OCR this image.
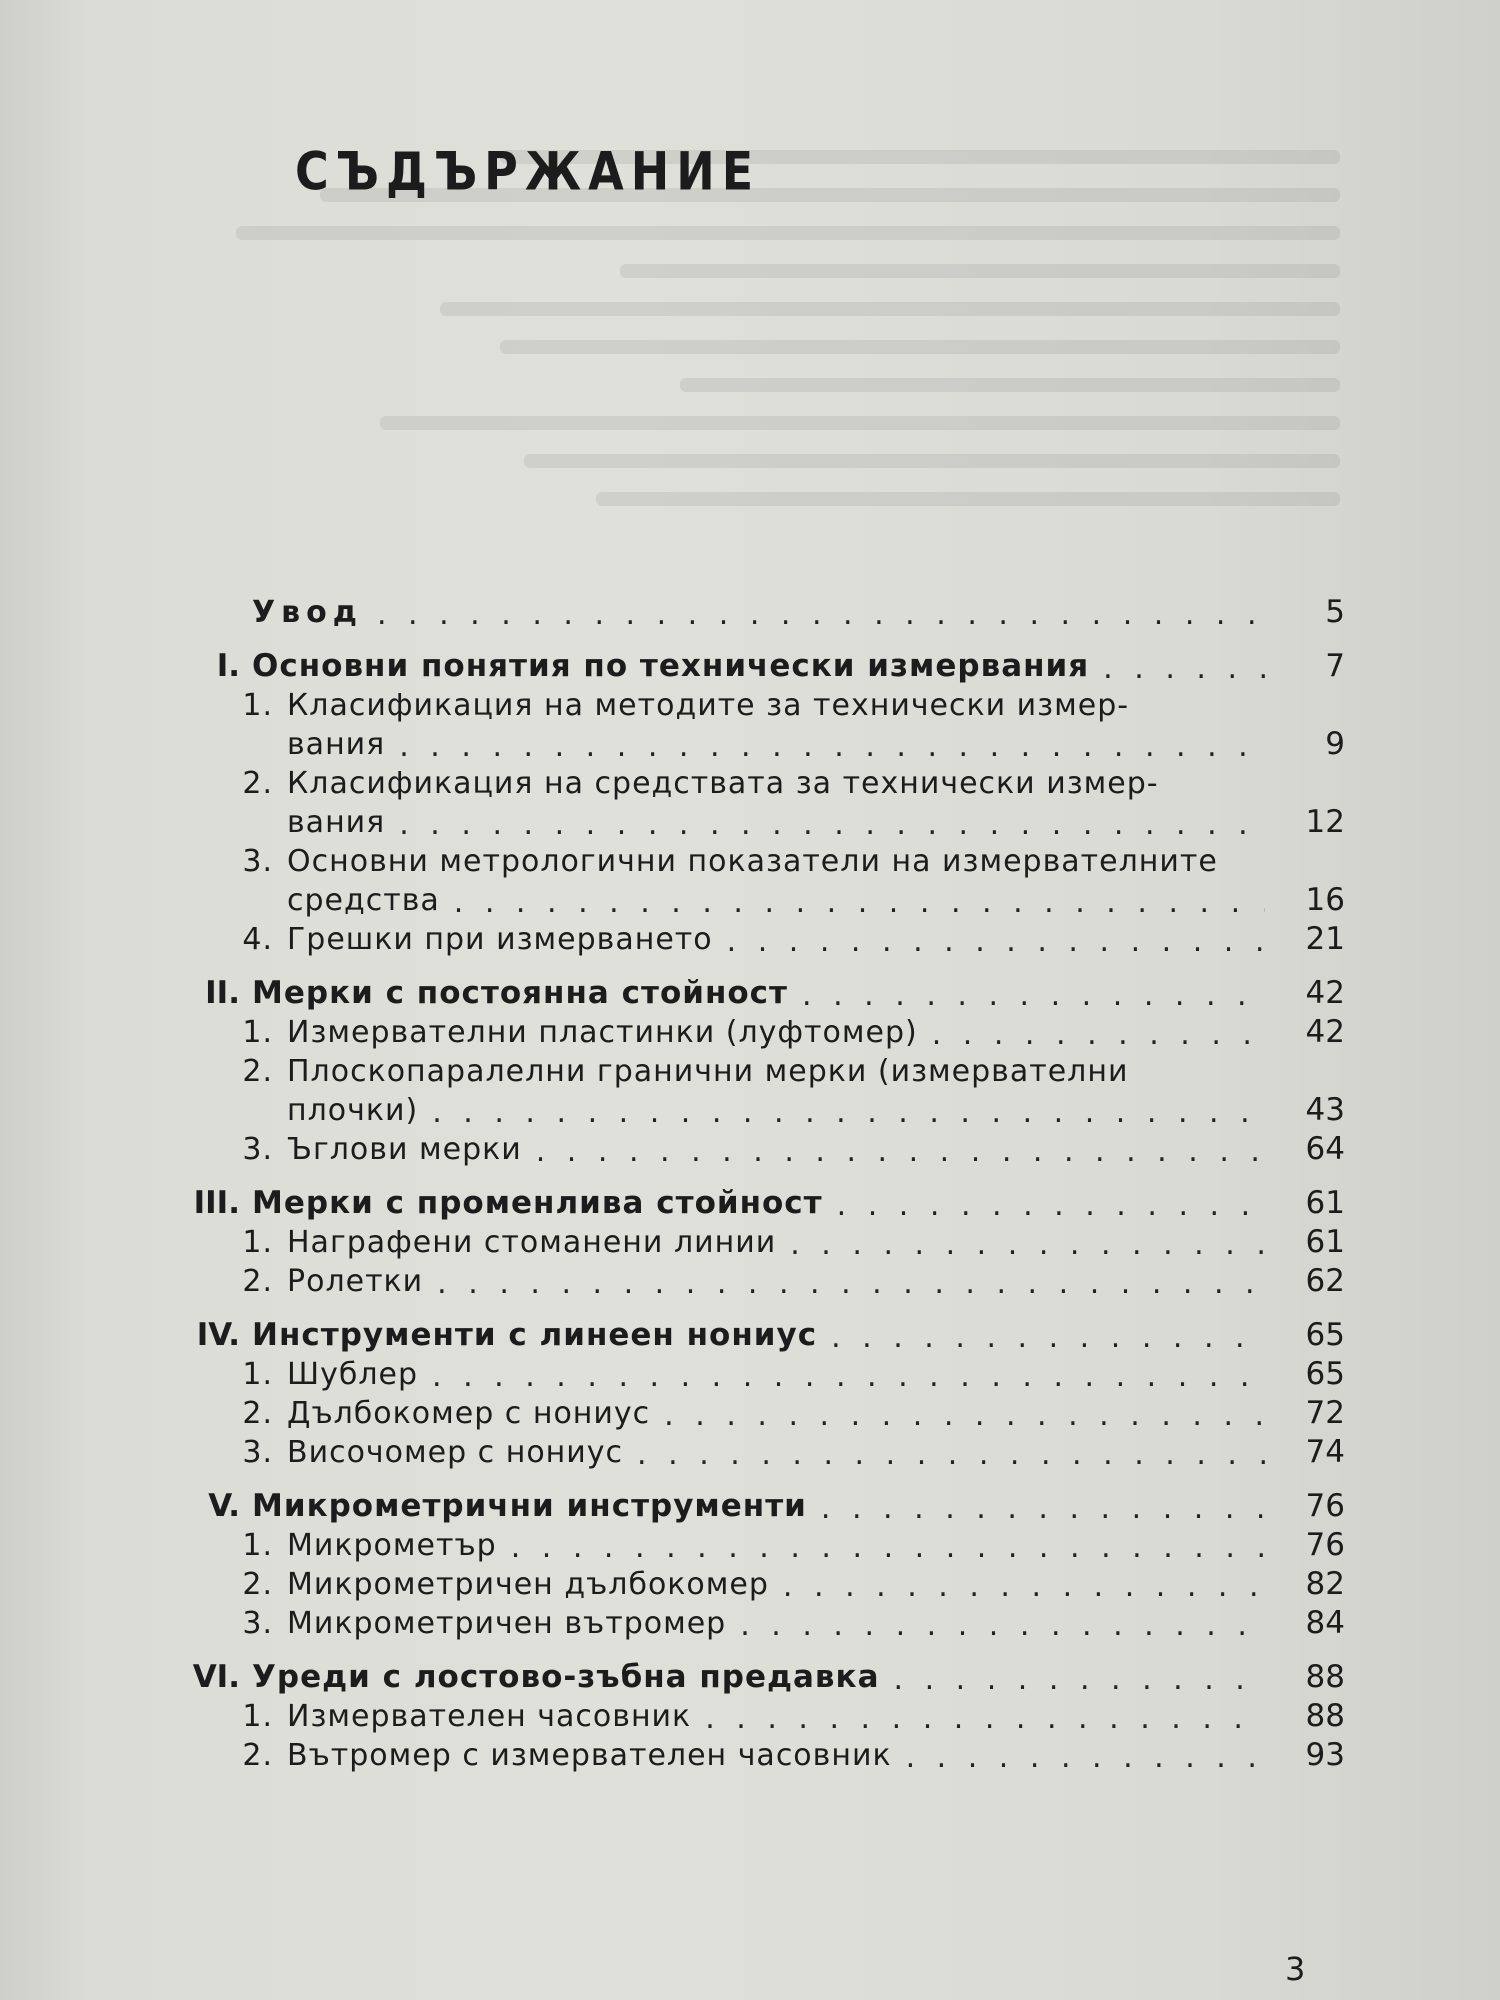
СЪДЪРЖАНИЕ
Увод . . .	5
I. Основни понятия по технически измервания . . .	7
1. Класификация на методите за технически измер-
вания . . .	9
2. Класификация на средствата за технически измер-
вания . . .	12
3. Основни метрологични показатели на измервателните
средства . . .	16
4. Грешки при измерването . . .	21
II. Мерки с постоянна стойност . . .	42
1. Измервателни пластинки (луфтомер) . . .	42
2. Плоскопаралелни гранични мерки (измервателни
плочки) . . .	43
3. Ъглови мерки . . .	64
III. Мерки с променлива стойност . . .	61
1. Награфени стоманени линии . . .	61
2. Ролетки . . .	62
IV. Инструменти с линеен нониус . . .	65
1. Шублер . . .	65
2. Дълбокомер с нониус . . .	72
3. Височомер с нониус . . .	74
V. Микрометрични инструменти . . .	76
1. Микрометър . . .	76
2. Микрометричен дълбокомер . . .	82
3. Микрометричен вътромер . . .	84
VI. Уреди с лостово-зъбна предавка . . .	88
1. Измервателен часовник . . .	88
2. Вътромер с измервателен часовник . . .	93
3
